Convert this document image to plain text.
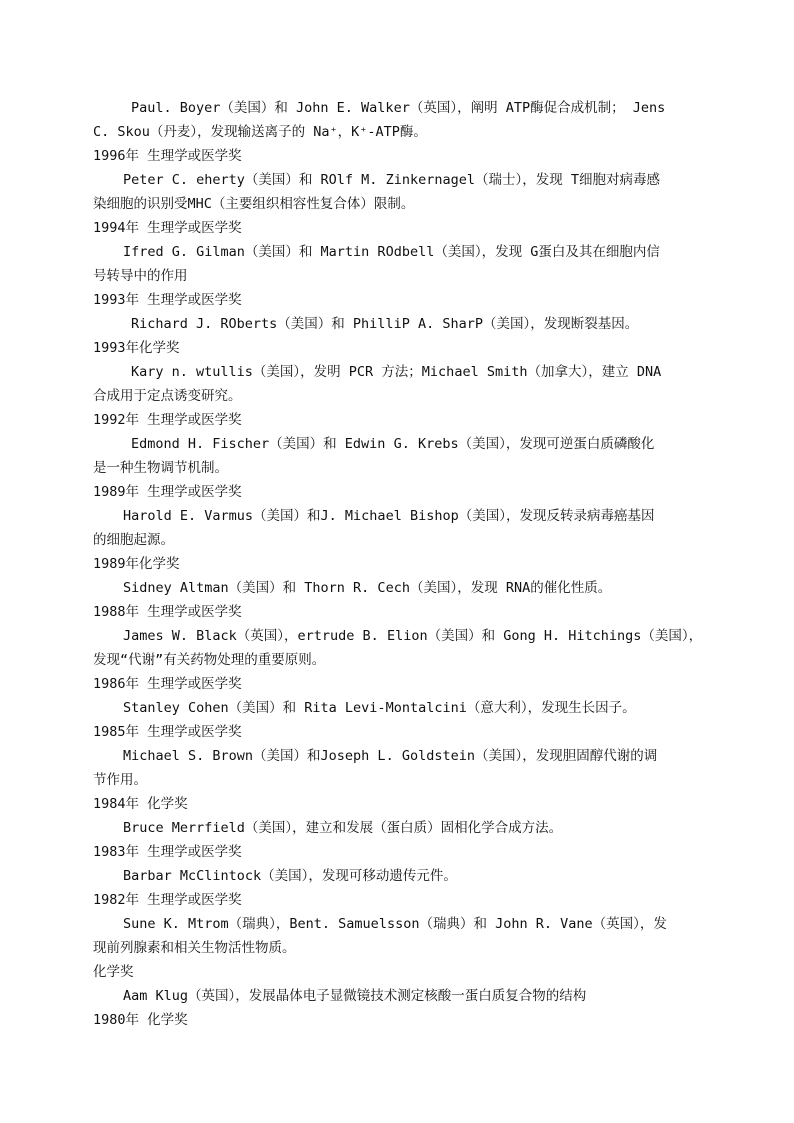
Paul. Boyer（美国）和 John E. Walker（英国），阐明 ATP酶促合成机制； Jens
C. Skou（丹麦），发现输送离子的 Na⁺，K⁺-ATP酶。
1996年 生理学或医学奖
Peter C. eherty（美国）和 ROlf M. Zinkernagel（瑞士），发现 T细胞对病毒感
染细胞的识别受MHC（主要组织相容性复合体）限制。
1994年 生理学或医学奖
Ifred G. Gilman（美国）和 Martin ROdbell（美国），发现 G蛋白及其在细胞内信
号转导中的作用
1993年 生理学或医学奖
Richard J. ROberts（美国）和 PhilliP A. SharP（美国），发现断裂基因。
1993年化学奖
Kary n. wtullis（美国），发明 PCR 方法；Michael Smith（加拿大），建立 DNA
合成用于定点诱变研究。
1992年 生理学或医学奖
Edmond H. Fischer（美国）和 Edwin G. Krebs（美国），发现可逆蛋白质磷酸化
是一种生物调节机制。
1989年 生理学或医学奖
Harold E. Varmus（美国）和J. Michael Bishop（美国），发现反转录病毒癌基因
的细胞起源。
1989年化学奖
Sidney Altman（美国）和 Thorn R. Cech（美国），发现 RNA的催化性质。
1988年 生理学或医学奖
James W. Black（英国），ertrude B. Elion（美国）和 Gong H. Hitchings（美国），
发现“代谢”有关药物处理的重要原则。
1986年 生理学或医学奖
Stanley Cohen（美国）和 Rita Levi-Montalcini（意大利），发现生长因子。
1985年 生理学或医学奖
Michael S. Brown（美国）和Joseph L. Goldstein（美国），发现胆固醇代谢的调
节作用。
1984年 化学奖
Bruce Merrfield（美国），建立和发展（蛋白质）固相化学合成方法。
1983年 生理学或医学奖
Barbar McClintock（美国），发现可移动遗传元件。
1982年 生理学或医学奖
Sune K. Mtrom（瑞典），Bent. Samuelsson（瑞典）和 John R. Vane（英国），发
现前列腺素和相关生物活性物质。
化学奖
Aam Klug（英国），发展晶体电子显微镜技术测定核酸一蛋白质复合物的结构
1980年 化学奖
